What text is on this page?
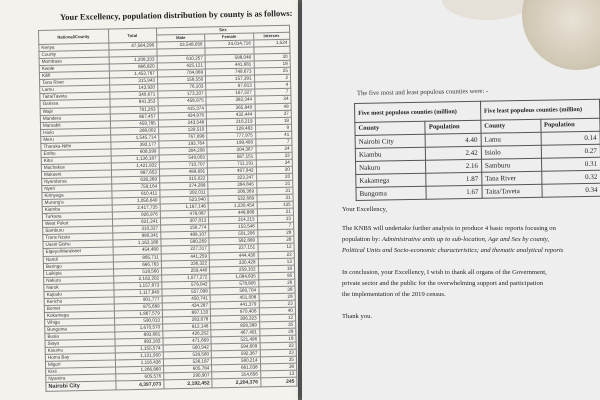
Your Excellency, population distribution by county is as follows:
National/County	Total	Sex		
		Male	Female	Intersex
Kenya	47,564,296	23,548,056	24,014,716	1,524
County				
Mombasa	1,208,333	610,257	598,046	30
Kwale	866,820	425,121	441,681	18
Kilifi	1,453,787	704,089	749,673	25
Tana River	315,943	158,550	157,391	2
Lamu	143,920	76,103	67,813	4
Taita/Taveta	340,671	173,337	167,327	7
Garissa	841,353	458,975	382,344	34
Wajir	781,263	415,374	365,840	49
Mandera	867,457	434,976	432,444	37
Marsabit	459,785	243,548	216,219	18
Isiolo	268,002	139,510	128,483	9
Meru	1,545,714	767,698	777,975	41
Tharaka-Nithi	393,177	193,764	199,406	7
Embu	608,599	304,208	304,367	24
Kitui	1,136,187	549,003	587,151	33
Machakos	1,421,932	710,707	711,191	34
Makueni	987,653	489,691	497,942	20
Nyandarua	638,289	315,022	323,247	20
Nyeri	759,164	374,288	384,845	31
Kirinyaga	610,411	302,011	308,369	31
Murang'a	1,056,640	523,940	532,669	31
Kiambu	2,417,735	1,187,146	1,230,454	135
Turkana	926,976	478,087	448,868	21
West Pokot	621,241	307,013	314,213	15
Samburu	310,327	156,774	153,546	7
Trans Nzoia	990,341	489,107	501,206	28
Uasin Gishu	1,163,186	580,269	582,889	28
Elgeyo/Marakwet	454,480	227,317	227,151	12
Nandi	885,711	441,259	444,430	22
Baringo	666,763	336,322	330,428	13
Laikipia	518,560	259,440	259,102	18
Nakuru	2,162,202	1,077,272	1,084,835	95
Narok	1,157,873	579,042	578,805	26
Kajiado	1,117,840	557,098	560,704	38
Kericho	901,777	450,741	451,008	28
Bomet	875,689	434,287	441,379	23
Kakamega	1,867,579	897,133	970,406	40
Vihiga	590,013	283,678	306,323	12
Bungoma	1,670,570	812,146	858,389	35
Busia	893,681	426,252	467,401	28
Siaya	993,183	471,669	521,496	18
Kisumu	1,155,574	560,942	594,609	23
Homa Bay	1,131,950	539,560	592,367	23
Migori	1,116,436	536,187	580,214	35
Kisii	1,266,860	605,784	661,038	38
Nyamira	605,576	290,907	314,656	13
Nairobi City	4,397,073	2,192,452	2,204,376	245
The five most and least populous counties were: -
Five most populous counties (million)		Five least populous counties (million)	
County	Population	County	Population
Nairobi City	4.40	Lamu	0.14
Kiambu	2.42	Isiolo	0.27
Nakuru	2.16	Samburu	0.31
Kakamega	1.87	Tana River	0.32
Bungoma	1.67	Taita/Taveta	0.34
Your Excellency,
The KNBS will undertake further analysis to produce 4 basic reports focusing on
population by: Administrative units up to sub-location, Age and Sex by county,
Political Units and Socio-economic characteristics; and thematic analytical reports
In conclusion, your Excellency, I wish to thank all organs of the Government,
private sector and the public for the overwhelming support and participation
the implementation of the 2019 census.
Thank you.
